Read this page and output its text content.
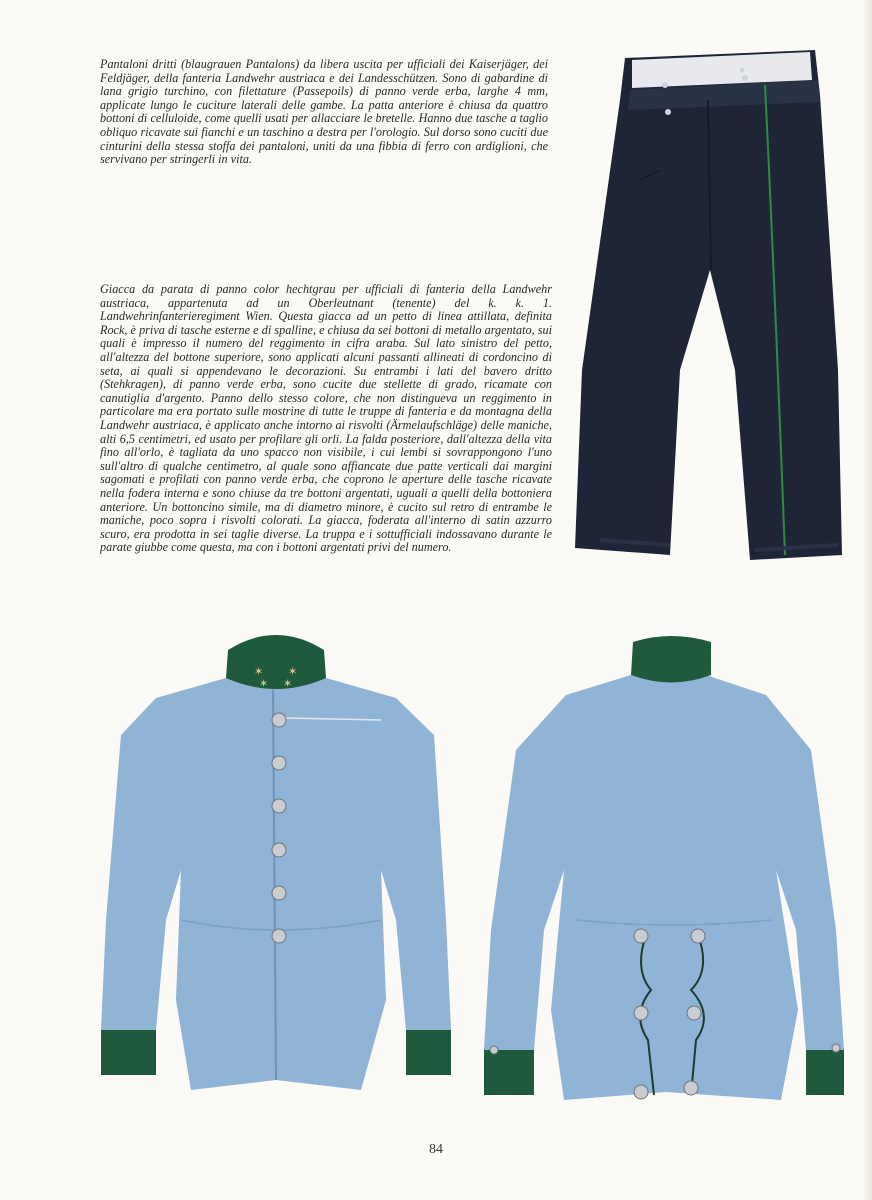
Pantaloni dritti (blaugrauen Pantalons) da libera uscita per ufficiali dei Kaiserjäger, dei Feldjäger, della fanteria Landwehr austriaca e dei Landesschützen. Sono di gabardine di lana grigio turchino, con filettature (Passepoils) di panno verde erba, larghe 4 mm, applicate lungo le cuciture laterali delle gambe. La patta anteriore è chiusa da quattro bottoni di celluloide, come quelli usati per allacciare le bretelle. Hanno due tasche a taglio obliquo ricavate sui fianchi e un taschino a destra per l'orologio. Sul dorso sono cuciti due cinturini della stessa stoffa dei pantaloni, uniti da una fibbia di ferro con ardiglioni, che servivano per stringerli in vita.

Giacca da parata di panno color hechtgrau per ufficiali di fanteria della Landwehr austriaca, appartenuta ad un Oberleutnant (tenente) del k. k. 1. Landwehrinfanterieregiment Wien. Questa giacca ad un petto di linea attillata, definita Rock, è priva di tasche esterne e di spalline, e chiusa da sei bottoni di metallo argentato, sui quali è impresso il numero del reggimento in cifra araba. Sul lato sinistro del petto, all'altezza del bottone superiore, sono applicati alcuni passanti allineati di cordoncino di seta, ai quali si appendevano le decorazioni. Su entrambi i lati del bavero dritto (Stehkragen), di panno verde erba, sono cucite due stellette di grado, ricamate con canutiglia d'argento. Panno dello stesso colore, che non distingueva un reggimento in particolare ma era portato sulle mostrine di tutte le truppe di fanteria e da montagna della Landwehr austriaca, è applicato anche intorno ai risvolti (Ärmelaufschläge) delle maniche, alti 6,5 centimetri, ed usato per profilare gli orli. La falda posteriore, dall'altezza della vita fino all'orlo, è tagliata da uno spacco non visibile, i cui lembi si sovrappongono l'uno sull'altro di qualche centimetro, al quale sono affiancate due patte verticali dai margini sagomati e profilati con panno verde erba, che coprono le aperture delle tasche ricavate nella fodera interna e sono chiuse da tre bottoni argentati, uguali a quelli della bottoniera anteriore. Un bottoncino simile, ma di diametro minore, è cucito sul retro di entrambe le maniche, poco sopra i risvolti colorati. La giacca, foderata all'interno di satin azzurro scuro, era prodotta in sei taglie diverse. La truppa e i sottufficiali indossavano durante le parate giubbe come questa, ma con i bottoni argentati privi del numero.

✶
✶
✶
✶
84
